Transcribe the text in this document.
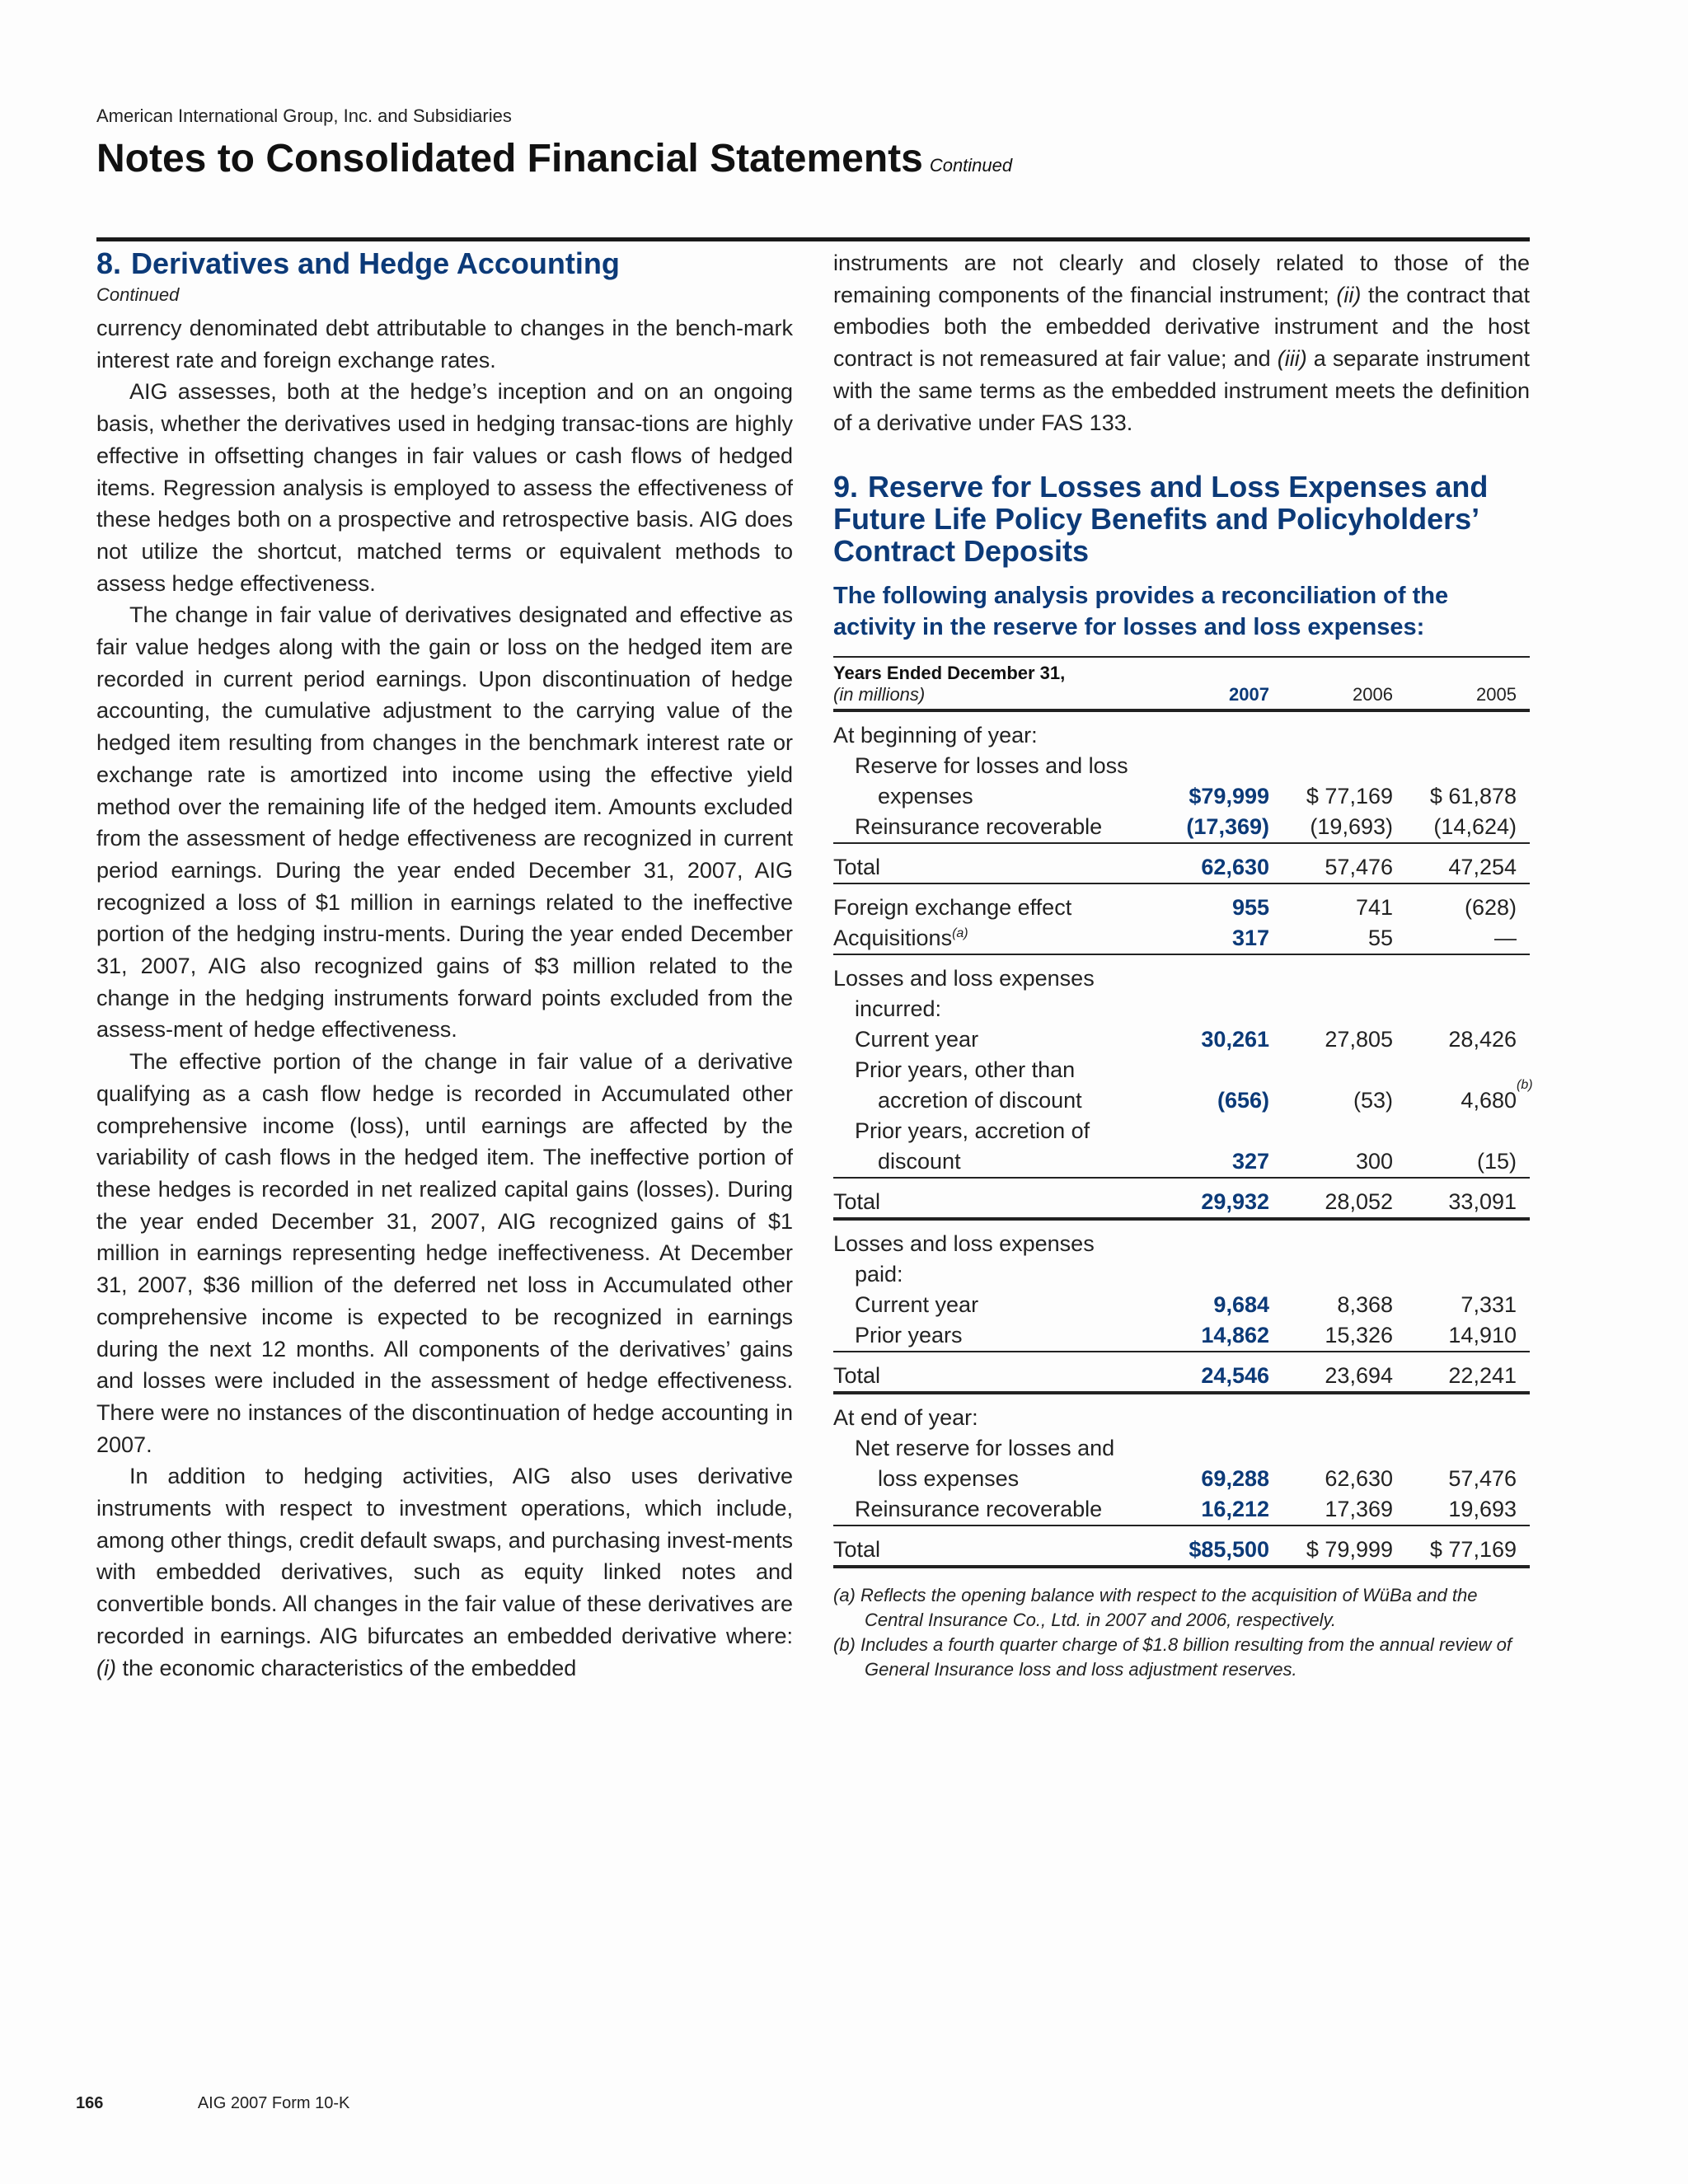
American International Group, Inc. and Subsidiaries
Notes to Consolidated Financial Statements Continued
8. Derivatives and Hedge Accounting
Continued

currency denominated debt attributable to changes in the bench-mark interest rate and foreign exchange rates.

AIG assesses, both at the hedge’s inception and on an ongoing basis, whether the derivatives used in hedging transac-tions are highly effective in offsetting changes in fair values or cash flows of hedged items. Regression analysis is employed to assess the effectiveness of these hedges both on a prospective and retrospective basis. AIG does not utilize the shortcut, matched terms or equivalent methods to assess hedge effectiveness.

The change in fair value of derivatives designated and effective as fair value hedges along with the gain or loss on the hedged item are recorded in current period earnings. Upon discontinuation of hedge accounting, the cumulative adjustment to the carrying value of the hedged item resulting from changes in the benchmark interest rate or exchange rate is amortized into income using the effective yield method over the remaining life of the hedged item. Amounts excluded from the assessment of hedge effectiveness are recognized in current period earnings. During the year ended December 31, 2007, AIG recognized a loss of $1 million in earnings related to the ineffective portion of the hedging instru-ments. During the year ended December 31, 2007, AIG also recognized gains of $3 million related to the change in the hedging instruments forward points excluded from the assess-ment of hedge effectiveness.

The effective portion of the change in fair value of a derivative qualifying as a cash flow hedge is recorded in Accumulated other comprehensive income (loss), until earnings are affected by the variability of cash flows in the hedged item. The ineffective portion of these hedges is recorded in net realized capital gains (losses). During the year ended December 31, 2007, AIG recognized gains of $1 million in earnings representing hedge ineffectiveness. At December 31, 2007, $36 million of the deferred net loss in Accumulated other comprehensive income is expected to be recognized in earnings during the next 12 months. All components of the derivatives’ gains and losses were included in the assessment of hedge effectiveness. There were no instances of the discontinuation of hedge accounting in 2007.

In addition to hedging activities, AIG also uses derivative instruments with respect to investment operations, which include, among other things, credit default swaps, and purchasing invest-ments with embedded derivatives, such as equity linked notes and convertible bonds. All changes in the fair value of these derivatives are recorded in earnings. AIG bifurcates an embedded derivative where: (i) the economic characteristics of the embedded

instruments are not clearly and closely related to those of the remaining components of the financial instrument; (ii) the contract that embodies both the embedded derivative instrument and the host contract is not remeasured at fair value; and (iii) a separate instrument with the same terms as the embedded instrument meets the definition of a derivative under FAS 133.

9. Reserve for Losses and Loss Expenses and Future Life Policy Benefits and Policyholders’ Contract Deposits
The following analysis provides a reconciliation of the activity in the reserve for losses and loss expenses:
Years Ended December 31,
(in millions)	2007	2006	2005
At beginning of year:			
Reserve for losses and loss			
expenses	$79,999	$ 77,169	$ 61,878
Reinsurance recoverable	(17,369)	(19,693)	(14,624)
Total	62,630	57,476	47,254
Foreign exchange effect	955	741	(628)
Acquisitions$^{(a)}$	317	55	—
Losses and loss expenses			
incurred:			
Current year	30,261	27,805	28,426
Prior years, other than			
accretion of discount	(656)	(53)	4,680
(b)

Prior years, accretion of			
discount	327	300	(15)
Total	29,932	28,052	33,091
Losses and loss expenses			
paid:			
Current year	9,684	8,368	7,331
Prior years	14,862	15,326	14,910
Total	24,546	23,694	22,241
At end of year:			
Net reserve for losses and			
loss expenses	69,288	62,630	57,476
Reinsurance recoverable	16,212	17,369	19,693
Total	$85,500	$ 79,999	$ 77,169

(a) Reflects the opening balance with respect to the acquisition of WüBa and the Central Insurance Co., Ltd. in 2007 and 2006, respectively.

(b) Includes a fourth quarter charge of $1.8 billion resulting from the annual review of General Insurance loss and loss adjustment reserves.

166	AIG 2007 Form 10-K
